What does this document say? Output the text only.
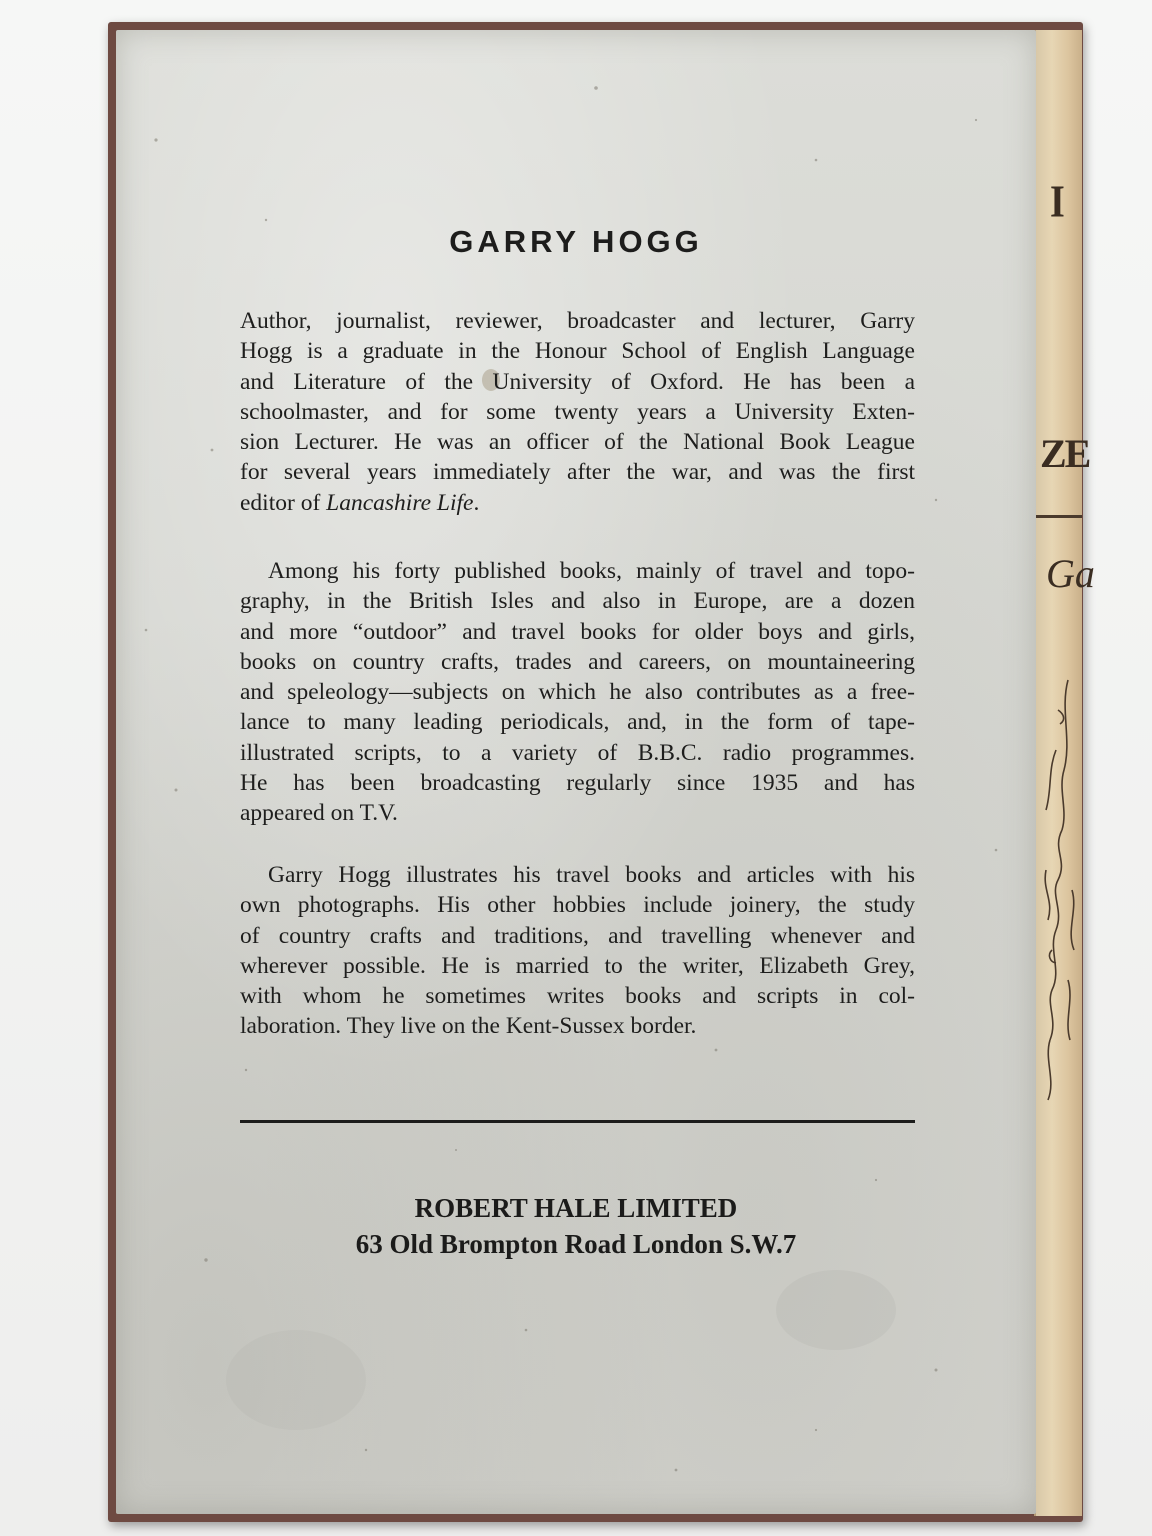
I
ZE
Ga
GARRY HOGG
Author, journalist, reviewer, broadcaster and lecturer, Garry
Hogg is a graduate in the Honour School of English Language
and Literature of the University of Oxford. He has been a
schoolmaster, and for some twenty years a University Exten-
sion Lecturer. He was an officer of the National Book League
for several years immediately after the war, and was the first
editor of Lancashire Life.
Among his forty published books, mainly of travel and topo-
graphy, in the British Isles and also in Europe, are a dozen
and more “outdoor” and travel books for older boys and girls,
books on country crafts, trades and careers, on mountaineering
and speleology—subjects on which he also contributes as a free-
lance to many leading periodicals, and, in the form of tape-
illustrated scripts, to a variety of B.B.C. radio programmes.
He has been broadcasting regularly since 1935 and has
appeared on T.V.
Garry Hogg illustrates his travel books and articles with his
own photographs. His other hobbies include joinery, the study
of country crafts and traditions, and travelling whenever and
wherever possible. He is married to the writer, Elizabeth Grey,
with whom he sometimes writes books and scripts in col-
laboration. They live on the Kent-Sussex border.
ROBERT HALE LIMITED
63 Old Brompton Road London S.W.7
